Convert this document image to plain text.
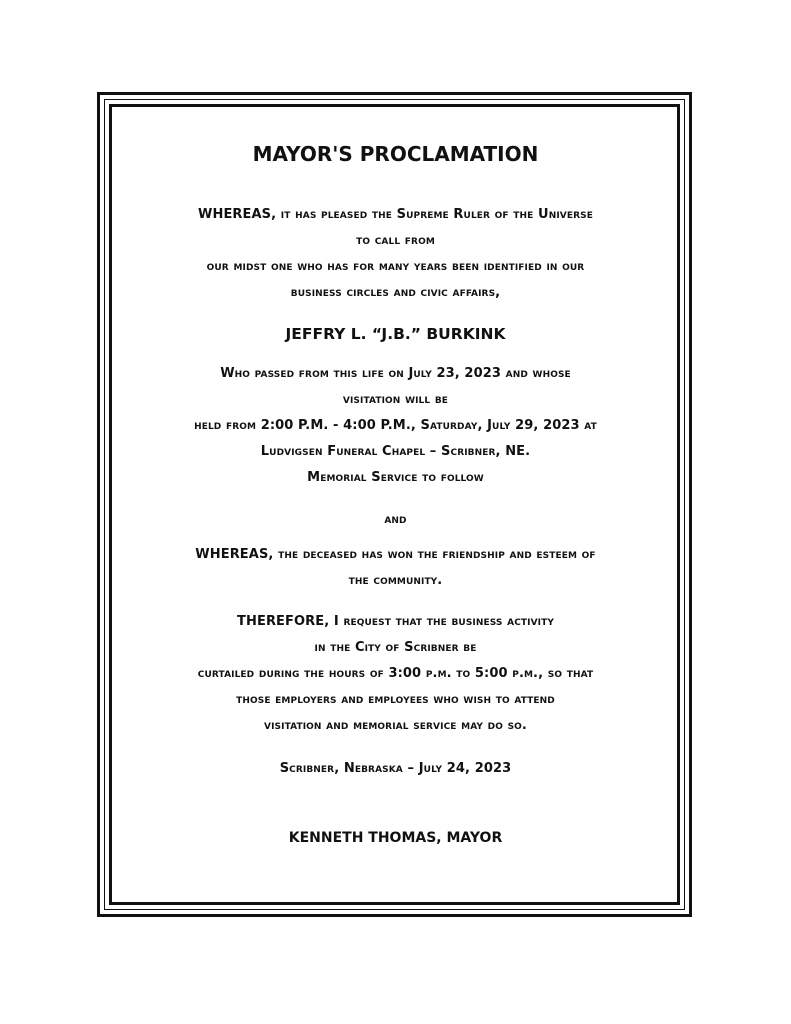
MAYOR'S PROCLAMATION
WHEREAS, it has pleased the Supreme Ruler of the Universe
to call from
our midst one who has for many years been identified in our
business circles and civic affairs,
JEFFRY L. “J.B.” BURKINK
Who passed from this life on July 23, 2023 and whose
visitation will be
held from 2:00 P.M. - 4:00 P.M., Saturday, July 29, 2023 at
Ludvigsen Funeral Chapel – Scribner, NE.
Memorial Service to follow
and
WHEREAS, the deceased has won the friendship and esteem of
the community.
THEREFORE, I request that the business activity
in the City of Scribner be
curtailed during the hours of 3:00 p.m. to 5:00 p.m., so that
those employers and employees who wish to attend
visitation and memorial service may do so.
Scribner, Nebraska – July 24, 2023
KENNETH THOMAS, MAYOR
